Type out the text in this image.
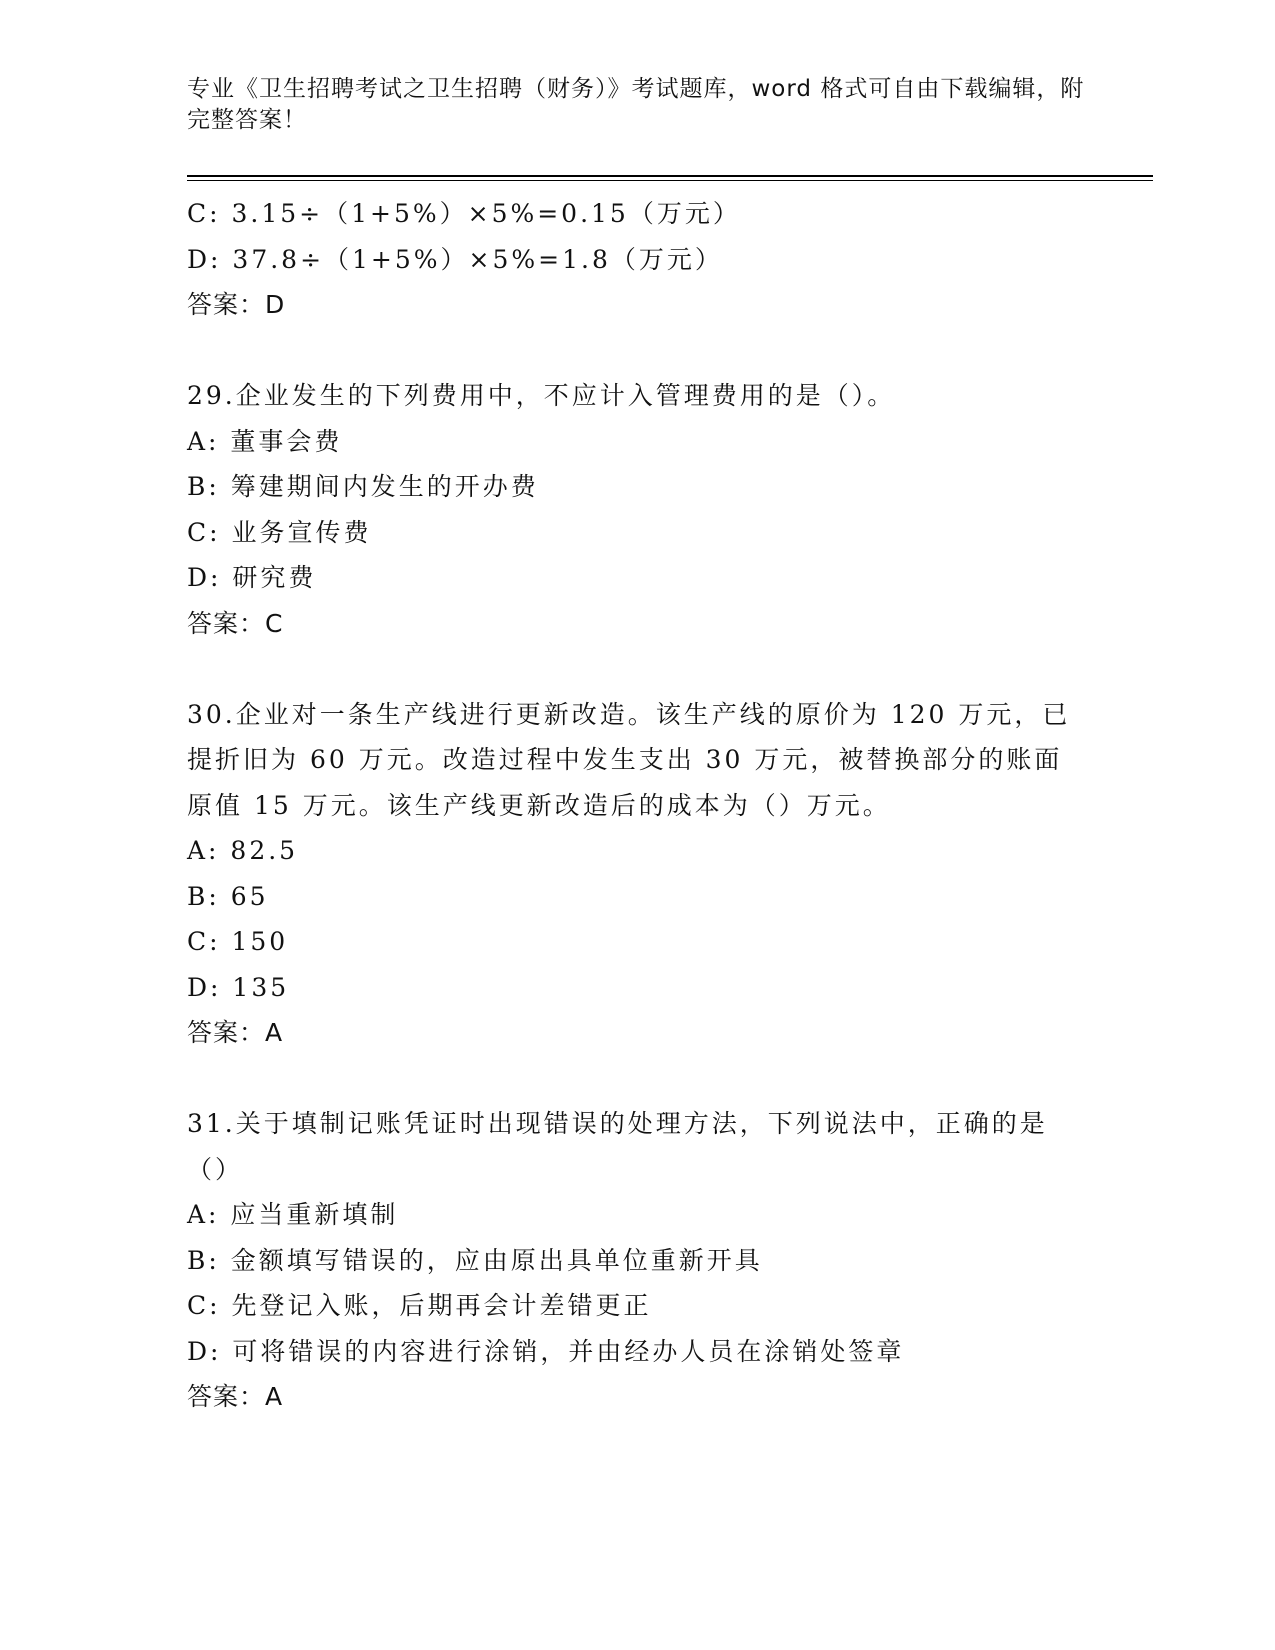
专业《卫生招聘考试之卫生招聘（财务）》考试题库，word 格式可自由下载编辑，附完整答案！
C: 3.15÷（1+5%）×5%=0.15（万元）
D: 37.8÷（1+5%）×5%=1.8（万元）
答案：D
29.企业发生的下列费用中，不应计入管理费用的是（）。
A: 董事会费
B: 筹建期间内发生的开办费
C: 业务宣传费
D: 研究费
答案：C
30.企业对一条生产线进行更新改造。该生产线的原价为 120 万元，已提折旧为 60 万元。改造过程中发生支出 30 万元，被替换部分的账面原值 15 万元。该生产线更新改造后的成本为（）万元。
A: 82.5
B: 65
C: 150
D: 135
答案：A
31.关于填制记账凭证时出现错误的处理方法，下列说法中，正确的是（）
A: 应当重新填制
B: 金额填写错误的，应由原出具单位重新开具
C: 先登记入账，后期再会计差错更正
D: 可将错误的内容进行涂销，并由经办人员在涂销处签章
答案：A
